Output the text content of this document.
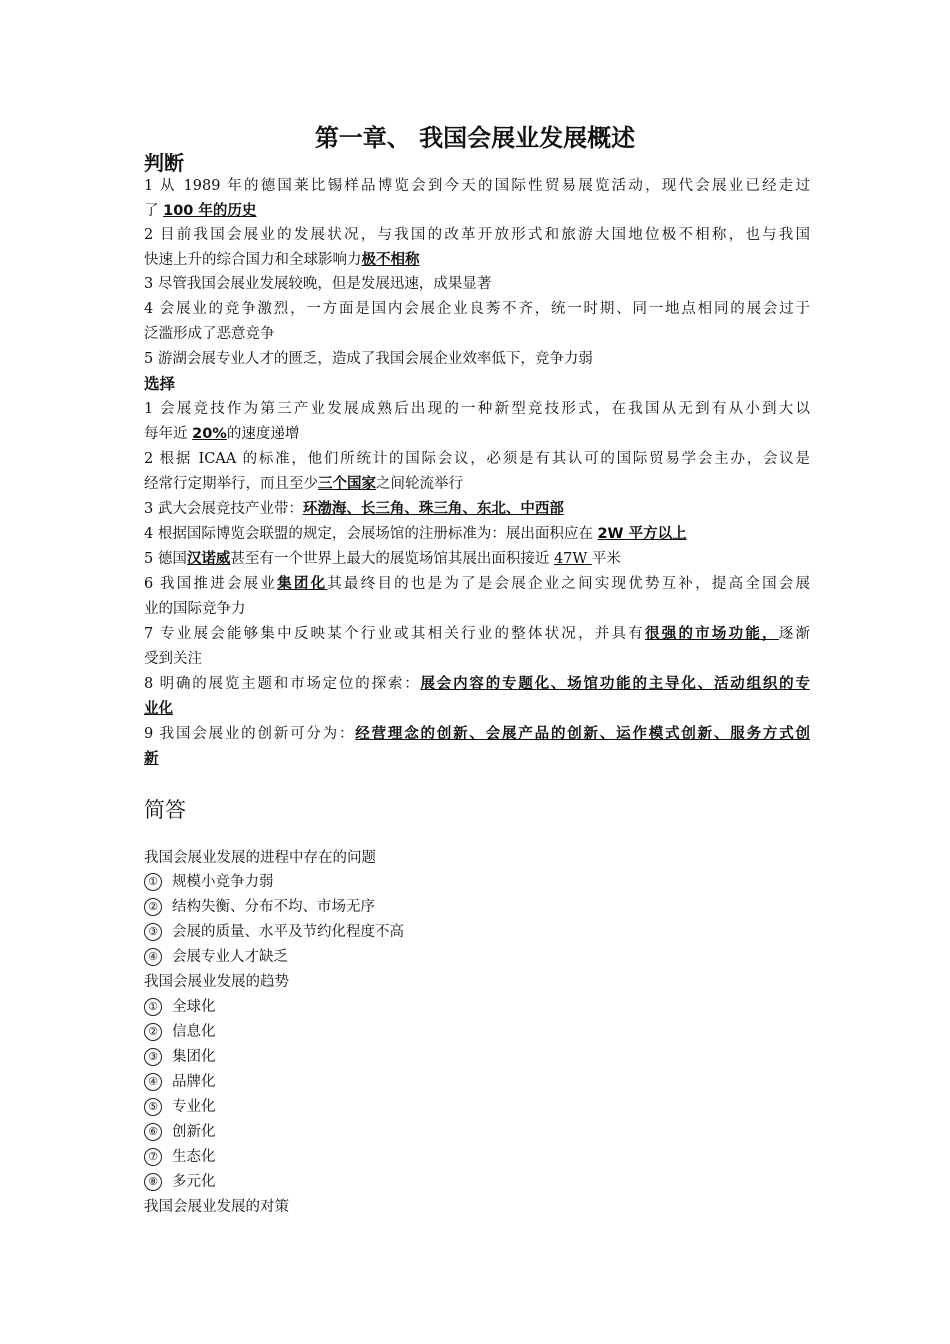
第一章、 我国会展业发展概述
判断
1 从 1989 年的德国莱比锡样品博览会到今天的国际性贸易展览活动，现代会展业已经走过
了 100 年的历史
2 目前我国会展业的发展状况，与我国的改革开放形式和旅游大国地位极不相称，也与我国
快速上升的综合国力和全球影响力极不相称
3 尽管我国会展业发展较晚，但是发展迅速，成果显著
4 会展业的竞争激烈，一方面是国内会展企业良莠不齐，统一时期、同一地点相同的展会过于
泛滥形成了恶意竞争
5 游湖会展专业人才的匮乏，造成了我国会展企业效率低下，竞争力弱
选择
1 会展竞技作为第三产业发展成熟后出现的一种新型竞技形式，在我国从无到有从小到大以
每年近 20%的速度递增
2 根据 ICAA 的标准，他们所统计的国际会议，必须是有其认可的国际贸易学会主办，会议是
经常行定期举行，而且至少三个国家之间轮流举行
3 武大会展竞技产业带：环渤海、长三角、珠三角、东北、中西部
4 根据国际博览会联盟的规定，会展场馆的注册标准为：展出面积应在 2W 平方以上
5 德国汉诺威甚至有一个世界上最大的展览场馆其展出面积接近 47W 平米
6 我国推进会展业集团化其最终目的也是为了是会展企业之间实现优势互补，提高全国会展
业的国际竞争力
7 专业展会能够集中反映某个行业或其相关行业的整体状况，并具有很强的市场功能，逐渐
受到关注
8 明确的展览主题和市场定位的探索：展会内容的专题化、场馆功能的主导化、活动组织的专
业化
9 我国会展业的创新可分为：经营理念的创新、会展产品的创新、运作模式创新、服务方式创
新
简答
我国会展业发展的进程中存在的问题
① 规模小竞争力弱
② 结构失衡、分布不均、市场无序
③ 会展的质量、水平及节约化程度不高
④ 会展专业人才缺乏
我国会展业发展的趋势
① 全球化
② 信息化
③ 集团化
④ 品牌化
⑤ 专业化
⑥ 创新化
⑦ 生态化
⑧ 多元化
我国会展业发展的对策
